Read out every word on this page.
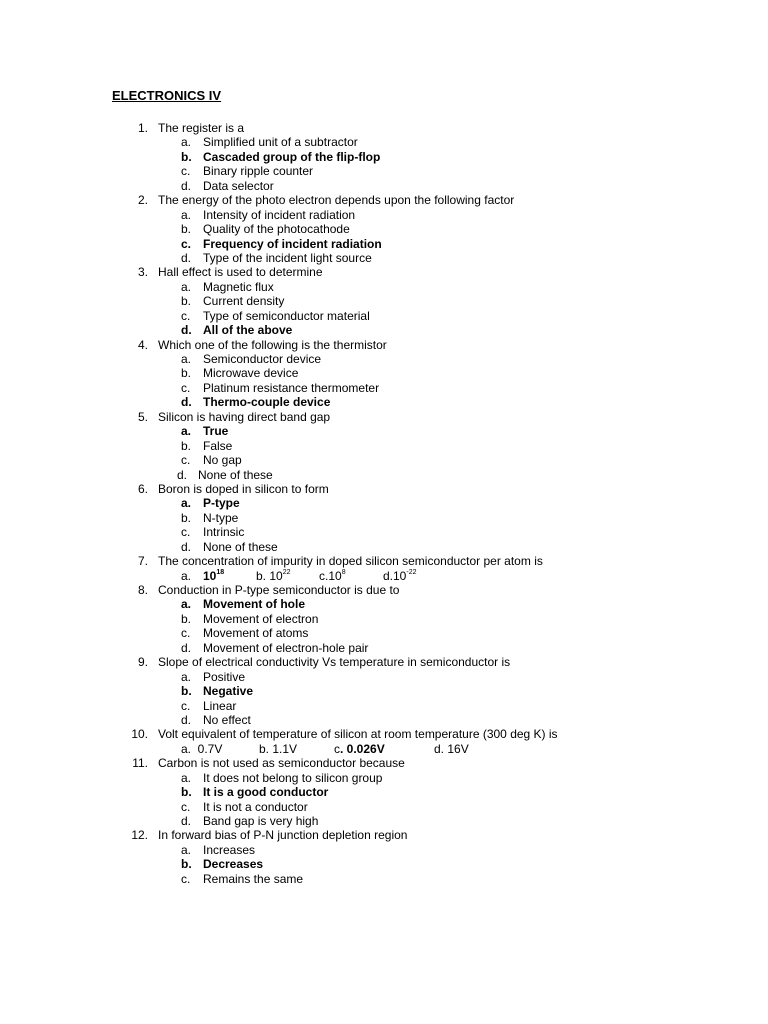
ELECTRONICS IV
1. The register is a
a. Simplified unit of a subtractor
b. Cascaded group of the flip-flop
c. Binary ripple counter
d. Data selector
2. The energy of the photo electron depends upon the following factor
a. Intensity of incident radiation
b. Quality of the photocathode
c. Frequency of incident radiation
d. Type of the incident light source
3. Hall effect is used to determine
a. Magnetic flux
b. Current density
c. Type of semiconductor material
d. All of the above
4. Which one of the following is the thermistor
a. Semiconductor device
b. Microwave device
c. Platinum resistance thermometer
d. Thermo-couple device
5. Silicon is having direct band gap
a. True
b. False
c. No gap
d. None of these
6. Boron is doped in silicon to form
a. P-type
b. N-type
c. Intrinsic
d. None of these
7. The concentration of impurity in doped silicon semiconductor per atom is
a. $10^{18}$	b. $10^{22}$ $c.10^8$	$d.10^{-22}$
8. Conduction in P-type semiconductor is due to
a. Movement of hole
b. Movement of electron
c. Movement of atoms
d. Movement of electron-hole pair
9. Slope of electrical conductivity Vs temperature in semiconductor is
a. Positive
b. Negative
c. Linear
d. No effect
10. Volt equivalent of temperature of silicon at room temperature (300 deg K) is
a.  0.7V	b. 1.1V	c. 0.026V	d. 16V
11. Carbon is not used as semiconductor because
a. It does not belong to silicon group
b. It is a good conductor
c. It is not a conductor
d. Band gap is very high
12. In forward bias of P-N junction depletion region
a. Increases
b. Decreases
c. Remains the same
